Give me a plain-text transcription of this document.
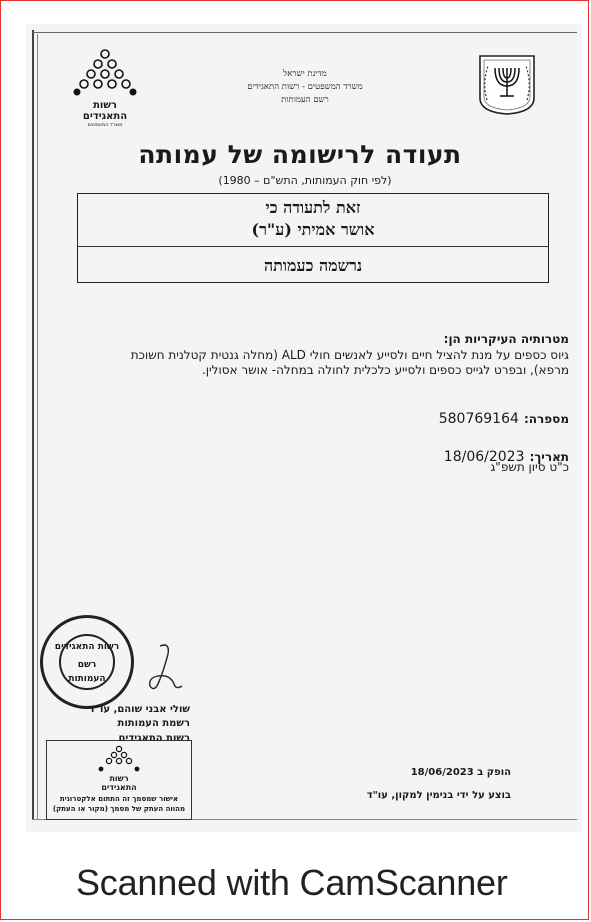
רשות
התאגידים
משרד המשפטים
מדינת ישראל
משרד המשפטים - רשות התאגידים
רשם העמותות
תעודה לרישומה של עמותה
(לפי חוק העמותות, התש"ם – 1980)
זאת לתעודה כי
אושר אמיתי (ע"ר)
נרשמה כעמותה
מטרותיה העיקריות הן:
גיוס כספים על מנת להציל חיים ולסייע לאנשים חולי ALD (מחלה גנטית קטלנית חשוכת מרפא), ובפרט לגייס כספים ולסייע כלכלית לחולה במחלה- אושר אסולין.
מספרה: 580769164
תאריך: 18/06/2023
כ"ט סיון תשפ"ג
רשות התאגידים
רשם
העמותות
שולי אבני שוהם, עו"ד
רשמת העמותות
רשות התאגידים
רשות
התאגידים
אישור שמסמך זה התתום אלקטרונית
מהווה העתק של מסמך (מקור או העתק)
הופק ב 18/06/2023
בוצע על ידי בנימין למקון, עו"ד
Scanned with CamScanner
